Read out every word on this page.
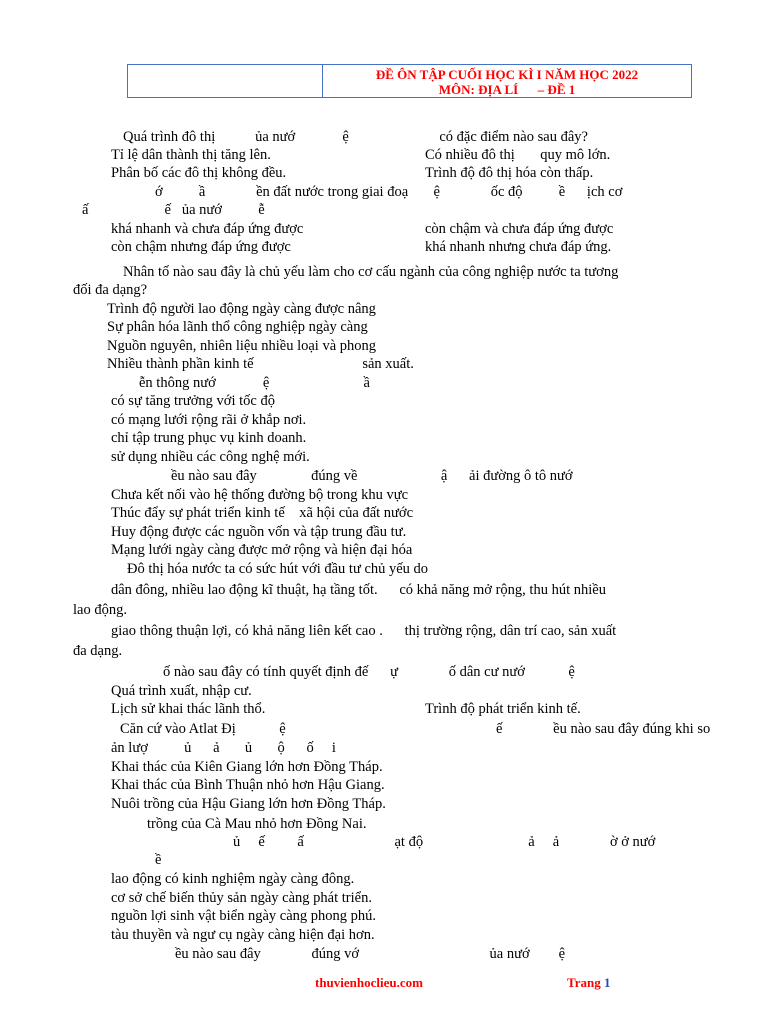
ĐỀ ÔN TẬP CUỐI HỌC KÌ I NĂM HỌC 2022
MÔN: ĐỊA LÍ      – ĐỀ 1

Quá trình đô thị           ủa nướ             ệ                         có đặc điểm nào sau đây?

Tỉ lệ dân thành thị tăng lên.	Có nhiều đô thị       quy mô lớn.

Phân bố các đô thị không đều.	Trình độ đô thị hóa còn thấp.

ớ          ầ              ền đất nước trong giai đoạ       ệ              ốc độ          ề      ịch cơ

ấ                     ế   ủa nướ          ễ

khá nhanh và chưa đáp ứng được	còn chậm và chưa đáp ứng được

còn chậm nhưng đáp ứng được	khá nhanh nhưng chưa đáp ứng.

Nhân tố nào sau đây là chủ yếu làm cho cơ cấu ngành của công nghiệp nước ta tương

đối đa dạng?

Trình độ người lao động ngày càng được nâng

Sự phân hóa lãnh thổ công nghiệp ngày càng

Nguồn nguyên, nhiên liệu nhiều loại và phong

Nhiều thành phần kinh tế                              sản xuất.

ễn thông nướ             ệ                          ầ

có sự tăng trưởng với tốc độ

có mạng lưới rộng rãi ở khắp nơi.

chỉ tập trung phục vụ kinh doanh.

sử dụng nhiều các công nghệ mới.

ều nào sau đây               đúng về                       ậ      ải đường ô tô nướ

Chưa kết nối vào hệ thống đường bộ trong khu vực

Thúc đẩy sự phát triển kinh tế    xã hội của đất nước

Huy động được các nguồn vốn và tập trung đầu tư.

Mạng lưới ngày càng được mở rộng và hiện đại hóa

Đô thị hóa nước ta có sức hút với đầu tư chủ yếu do

dân đông, nhiều lao động kĩ thuật, hạ tầng tốt.      có khả năng mở rộng, thu hút nhiều

lao động.

giao thông thuận lợi, có khả năng liên kết cao .      thị trường rộng, dân trí cao, sản xuất

đa dạng.

ố nào sau đây có tính quyết định đế      ự              ố dân cư nướ            ệ

Quá trình xuất, nhập cư.

Lịch sử khai thác lãnh thổ.	Trình độ phát triển kinh tế.

Căn cứ vào Atlat Đị            ệ                                                          ế              ều nào sau đây đúng khi so

ản lượ          ủ      ả       ủ       ộ      ố     i

Khai thác của Kiên Giang lớn hơn Đồng Tháp.

Khai thác của Bình Thuận nhỏ hơn Hậu Giang.

Nuôi trồng của Hậu Giang lớn hơn Đồng Tháp.

trồng của Cà Mau nhỏ hơn Đồng Nai.

ủ     ế         ấ                         ạt độ                             ả     ả              ờ ở nướ

ề

lao động có kinh nghiệm ngày càng đông.

cơ sở chế biến thủy sản ngày càng phát triển.

nguồn lợi sinh vật biển ngày càng phong phú.

tàu thuyền và ngư cụ ngày càng hiện đại hơn.

ều nào sau đây              đúng vớ                                    ủa nướ        ệ

thuvienhoclieu.com	Trang 1
